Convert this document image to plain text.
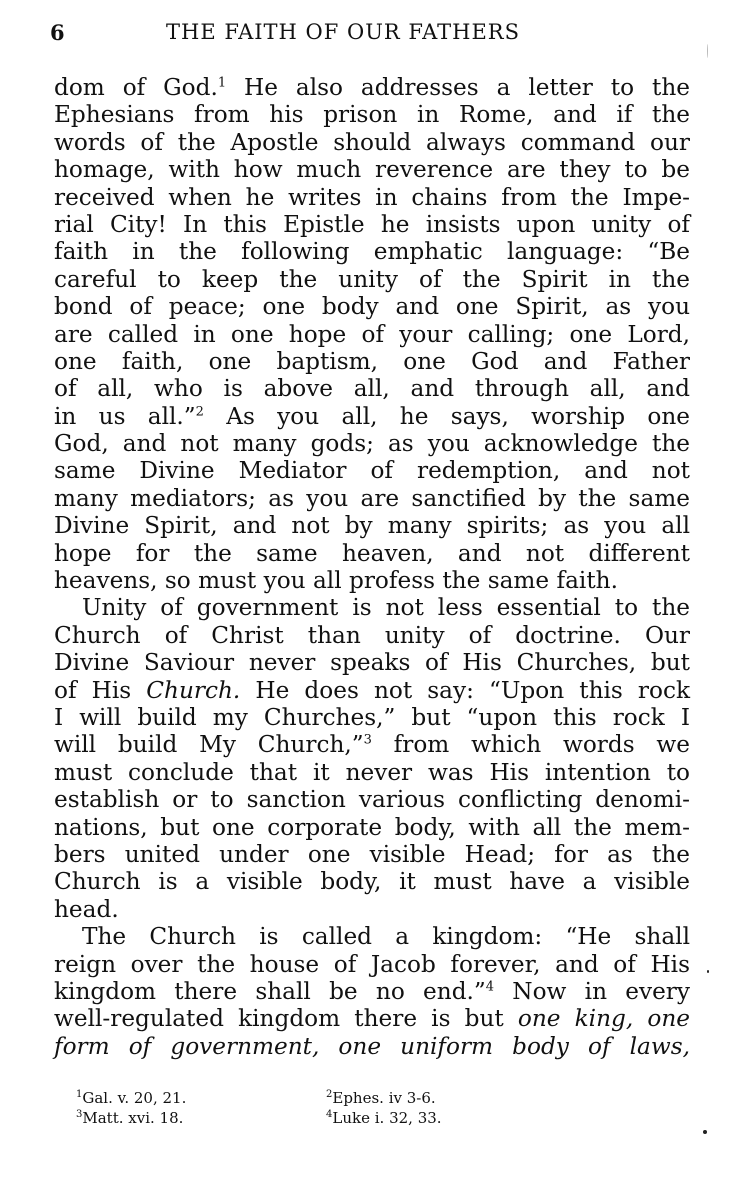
6	THE FAITH OF OUR FATHERS
dom of God.$^1$ He also addresses a letter to the
Ephesians from his prison in Rome, and if the
words of the Apostle should always command our
homage, with how much reverence are they to be
received when he writes in chains from the Impe-
rial City! In this Epistle he insists upon unity of
faith in the following emphatic language: “Be
careful to keep the unity of the Spirit in the
bond of peace; one body and one Spirit, as you
are called in one hope of your calling; one Lord,
one faith, one baptism, one God and Father
of all, who is above all, and through all, and
in us all.”$^2$ As you all, he says, worship one
God, and not many gods; as you acknowledge the
same Divine Mediator of redemption, and not
many mediators; as you are sanctified by the same
Divine Spirit, and not by many spirits; as you all
hope for the same heaven, and not different
heavens, so must you all profess the same faith.
Unity of government is not less essential to the
Church of Christ than unity of doctrine. Our
Divine Saviour never speaks of His Churches, but
of His Church. He does not say: “Upon this rock
I will build my Churches,” but “upon this rock I
will build My Church,”$^3$ from which words we
must conclude that it never was His intention to
establish or to sanction various conflicting denomi-
nations, but one corporate body, with all the mem-
bers united under one visible Head; for as the
Church is a visible body, it must have a visible
head.
The Church is called a kingdom: “He shall
reign over the house of Jacob forever, and of His
kingdom there shall be no end.”$^4$ Now in every
well-regulated kingdom there is but one king, one
form of government, one uniform body of laws,
$^1$Gal. v. 20, 21.	$^2$Ephes. iv 3-6.
$^3$Matt. xvi. 18.	$^4$Luke i. 32, 33.
